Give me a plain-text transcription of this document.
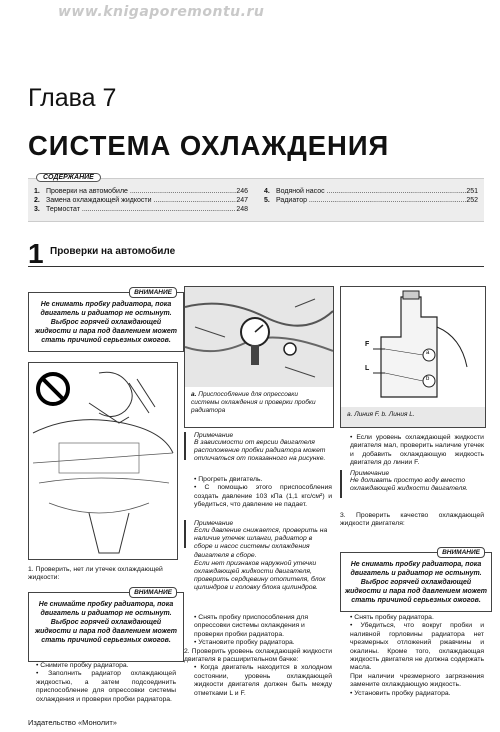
www.knigaporemontu.ru
Глава 7
СИСТЕМА ОХЛАЖДЕНИЯ
СОДЕРЖАНИЕ
1. Проверки на автомобиле .....	246
2. Замена охлаждающей жидкости .....	247
3. Термостат .....	248
4. Водяной насос .....	251
5. Радиатор .....	252
1 Проверки на автомобиле
ВНИМАНИЕ
Не снимать пробку радиатора, пока двигатель и радиатор не остынут. Выброс горячей охлаждающей жидкости и пара под давлением может стать причиной серьезных ожогов.
1. Проверить, нет ли утечек охлаждающей жидкости:
ВНИМАНИЕ
Не снимайте пробку радиатора, пока двигатель и радиатор не остынут. Выброс горячей охлаждающей жидкости и пара под давлением может стать причиной серьезных ожогов.
• Снимите пробку радиатора.
• Заполнить радиатор охлаждающей жидкостью, а затем подсоединить приспособление для опрессовки системы охлаждения и проверки пробки радиатора.
a. Приспособление для опрессовки системы охлаждения и проверки пробки радиатора
Примечание
В зависимости от версии двигателя расположение пробки радиатора может отличаться от показанного на рисунке.
• Прогреть двигатель.
• С помощью этого приспособления создать давление 103 кПа (1,1 кгс/см²) и убедиться, что давление не падает.
Примечание
Если давление снижается, проверить на наличие утечек шланги, радиатор в сборе и насос системы охлаждения двигателя в сборе.
Если нет признаков наружной утечки охлаждающей жидкости двигателя, проверить сердцевину отопителя, блок цилиндров и головку блока цилиндров.
• Снять пробку приспособления для опрессовки системы охлаждения и проверки пробки радиатора.
• Установите пробку радиатора.
2. Проверить уровень охлаждающей жидкости двигателя в расширительном бачке:
• Когда двигатель находится в холодном состоянии, уровень охлаждающей жидкости двигателя должен быть между отметками L и F.
F
L
a
b
a. Линия F. b. Линия L.
• Если уровень охлаждающей жидкости двигателя мал, проверить наличие утечек и добавить охлаждающую жидкость двигателя до линии F.
Примечание
Не доливать простую воду вместо охлаждающей жидкости двигателя.
3. Проверить качество охлаждающей жидкости двигателя:
ВНИМАНИЕ
Не снимать пробку радиатора, пока двигатель и радиатор не остынут. Выброс горячей охлаждающей жидкости и пара под давлением может стать причиной серьезных ожогов.
• Снять пробку радиатора.
• Убедиться, что вокруг пробки и наливной горловины радиатора нет чрезмерных отложений ржавчины и окалины. Кроме того, охлаждающая жидкость двигателя не должна содержать масла.
При наличии чрезмерного загрязнения замените охлаждающую жидкость.
• Установить пробку радиатора.
Издательство «Монолит»
